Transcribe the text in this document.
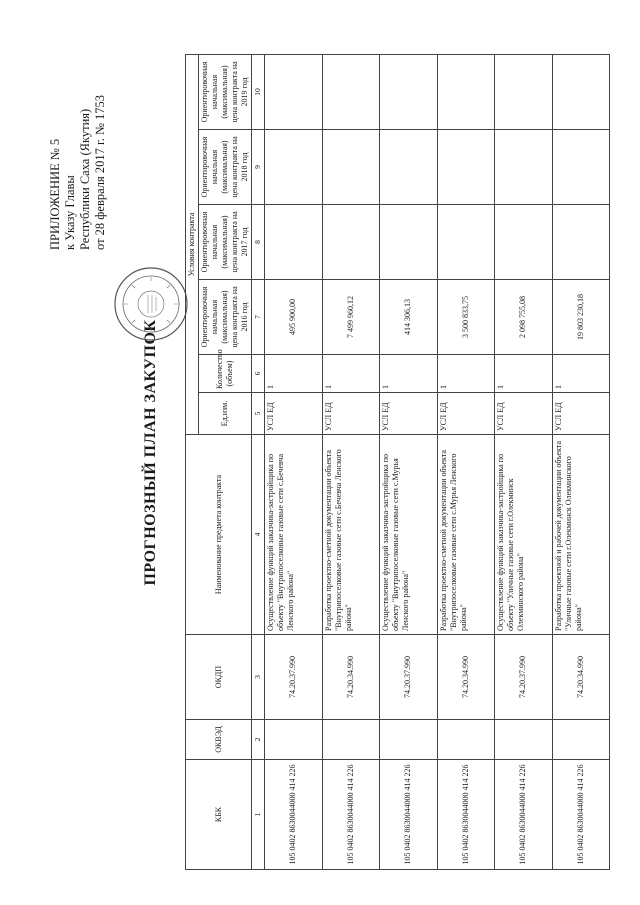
ПРОГНОЗНЫЙ ПЛАН ЗАКУПОК
ПРИЛОЖЕНИЕ № 5 к Указу Главы Республики Саха (Якутия) от 28 февраля 2017 г. № 1753
КБК	ОКВЭД	ОКДП	Наименование предмета контракта	Условия контракта					
				Ед.изм.	Количество (объем)	Ориентировочная начальная (максимальная) цена контракта на 2016 год	Ориентировочная начальная (максимальная) цена контракта на 2017 год	Ориентировочная начальная (максимальная) цена контракта на 2018 год	Ориентировочная начальная (максимальная) цена контракта на 2019 год
1	2	3	4	5	6	7	8	9	10
105 0402 8630044000 414 226		74.20.37.990	Осуществление функций заказчика-застройщика по объекту "Внутрипоселковые газовые сети с.Бечевча Ленского района"	УСЛ ЕД	1	495 900,00			
105 0402 8630044000 414 226		74.20.34.990	Разработка проектно-сметной документации объекта "Внутрипоселковые газовые сети с.Бечевча Ленского района"	УСЛ ЕД	1	7 499 960,12			
105 0402 8630044000 414 226		74.20.37.990	Осуществление функций заказчика-застройщика по объекту "Внутрипоселковые газовые сети с.Мурья Ленского района"	УСЛ ЕД	1	414 306,13			
105 0402 8630044000 414 226		74.20.34.990	Разработка проектно-сметной документации объекта "Внутрипоселковые газовые сети с.Мурья Ленского района"	УСЛ ЕД	1	3 500 833,75			
105 0402 8630044000 414 226		74.20.37.990	Осуществление функций заказчика-застройщика по объекту "Уличные газовые сети г.Олекминск Олекминского района"	УСЛ ЕД	1	2 098 755,08			
105 0402 8630044000 414 226		74.20.34.990	Разработка проектной и рабочей документации объекта "Уличные газовые сети г.Олекминск Олекминского района"	УСЛ ЕД	1	19 803 230,18			
